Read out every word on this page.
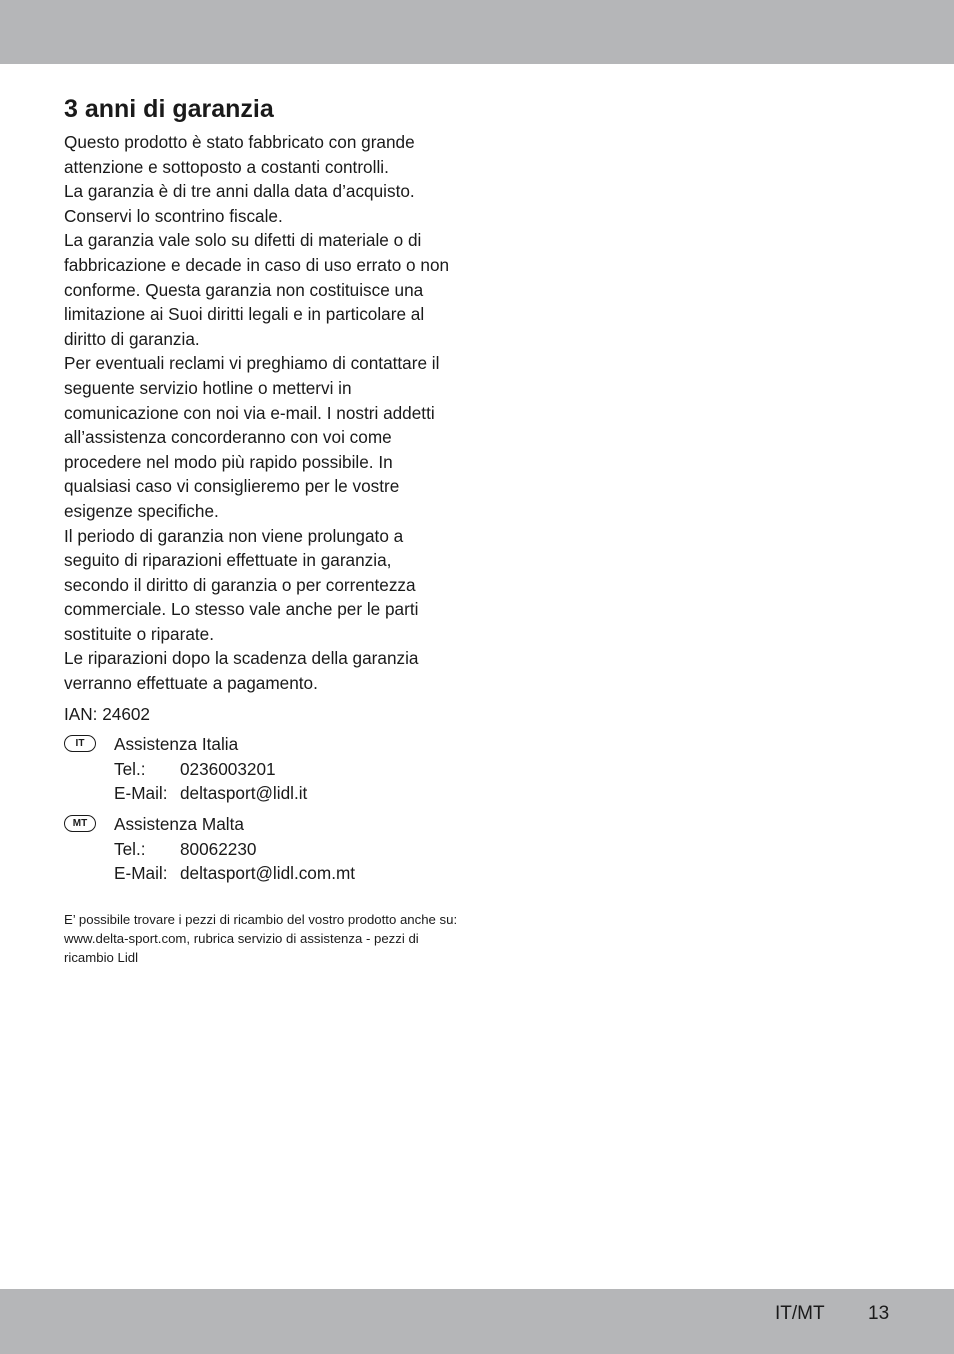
3 anni di garanzia
Questo prodotto è stato fabbricato con grande attenzione e sottoposto a costanti controlli.
La garanzia è di tre anni dalla data d’acquisto. Conservi lo scontrino fiscale.
La garanzia vale solo su difetti di materiale o di fabbricazione e decade in caso di uso errato o non conforme. Questa garanzia non costituisce una limitazione ai Suoi diritti legali e in particolare al diritto di garanzia.
Per eventuali reclami vi preghiamo di contattare il seguente servizio hotline o mettervi in comunicazione con noi via e-mail. I nostri addetti all’assistenza concorderanno con voi come procedere nel modo più rapido possibile. In qualsiasi caso vi consiglieremo per le vostre esigenze specifiche.
Il periodo di garanzia non viene prolungato a seguito di riparazioni effettuate in garanzia, secondo il diritto di garanzia o per correntezza commerciale. Lo stesso vale anche per le parti sostituite o riparate.
Le riparazioni dopo la scadenza della garanzia verranno effettuate a pagamento.
IAN: 24602
IT	Assistenza Italia
Tel.:	0236003201
E-Mail: deltasport@lidl.it
MT	Assistenza Malta
Tel.:	80062230
E-Mail: deltasport@lidl.com.mt
E’ possibile trovare i pezzi di ricambio del vostro prodotto anche su: www.delta-sport.com, rubrica servizio di assistenza - pezzi di ricambio Lidl
IT/MT 13
